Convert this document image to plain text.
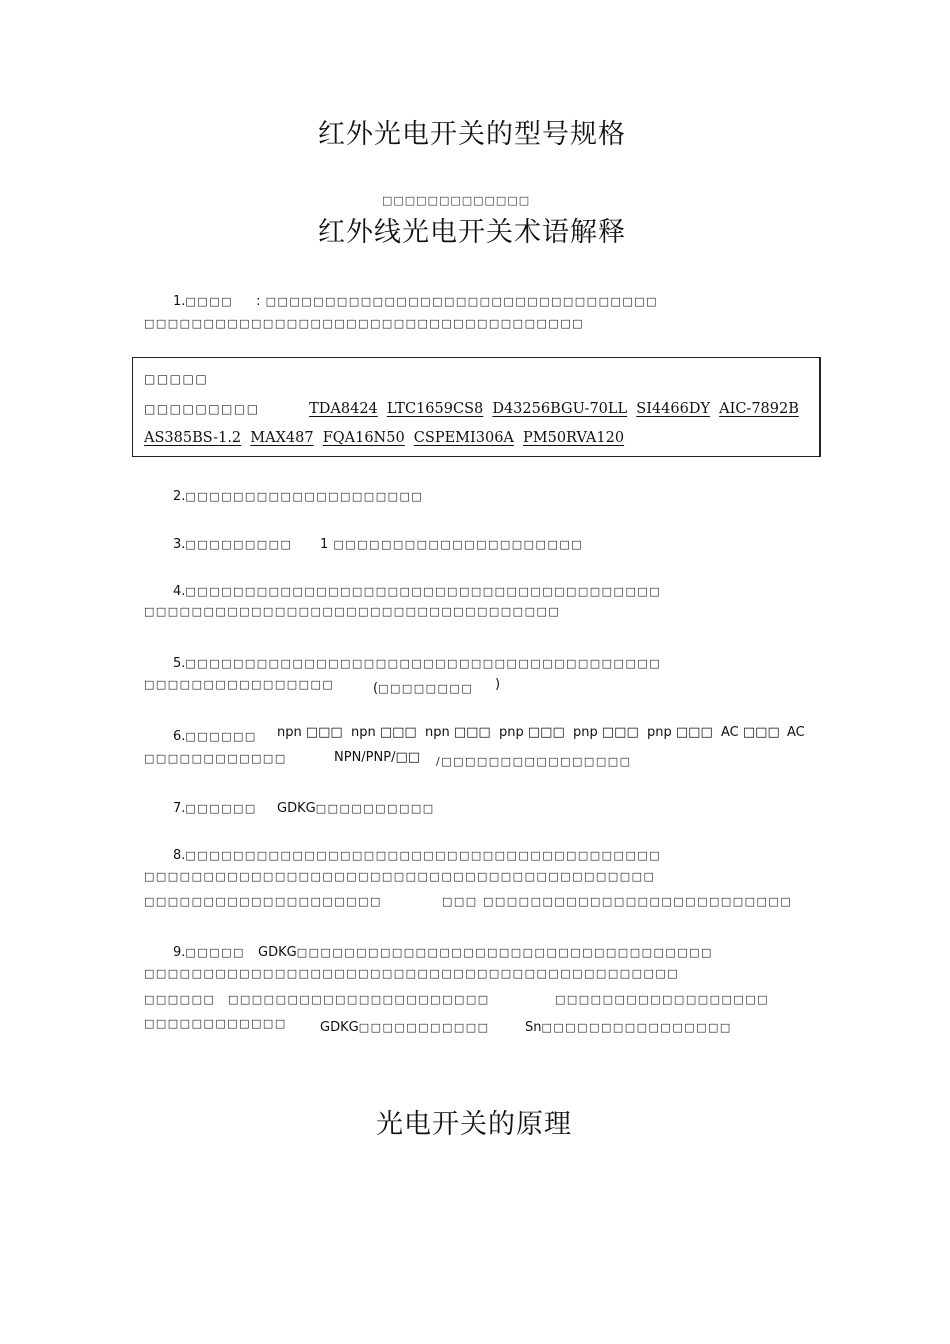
红外光电开关的型号规格
□□□□□□□□□□□□□
红外线光电开关术语解释
1.□□□□ : □□□□□□□□□□□□□□□□□□□□□□□□□□□□□□□□□
□□□□□□□□□□□□□□□□□□□□□□□□□□□□□□□□□□□□□
□□□□□
□□□□□□□□□	TDA8424 LTC1659CS8 D43256BGU-70LL SI4466DY AIC-7892B
AS385BS-1.2 MAX487 FQA16N50 CSPEMI306A PM50RVA120
2.□□□□□□□□□□□□□□□□□□□□
3.□□□□□□□□□ 1 □□□□□□□□□□□□□□□□□□□□□
4.□□□□□□□□□□□□□□□□□□□□□□□□□□□□□□□□□□□□□□□□
□□□□□□□□□□□□□□□□□□□□□□□□□□□□□□□□□□□
5.□□□□□□□□□□□□□□□□□□□□□□□□□□□□□□□□□□□□□□□□
□□□□□□□□□□□□□□□□	(□□□□□□□□ )
6.□□□□□□ npn □□□ npn □□□ npn □□□ pnp □□□ pnp □□□ pnp □□□ AC □□□ AC
□□□□□□□□□□□□	NPN/PNP/□□ /□□□□□□□□□□□□□□□□
7.□□□□□□ GDKG□□□□□□□□□□
8.□□□□□□□□□□□□□□□□□□□□□□□□□□□□□□□□□□□□□□□□
□□□□□□□□□□□□□□□□□□□□□□□□□□□□□□□□□□□□□□□□□□□
□□□□□□□□□□□□□□□□□□□□	□□□ □□□□□□□□□□□□□□□□□□□□□□□□□□
9.□□□□□ GDKG□□□□□□□□□□□□□□□□□□□□□□□□□□□□□□□□□□□
□□□□□□□□□□□□□□□□□□□□□□□□□□□□□□□□□□□□□□□□□□□□□
□□□□□□ □□□□□□□□□□□□□□□□□□□□□□	□□□□□□□□□□□□□□□□□□
□□□□□□□□□□□□	GDKG□□□□□□□□□□□	Sn□□□□□□□□□□□□□□□□
光电开关的原理
